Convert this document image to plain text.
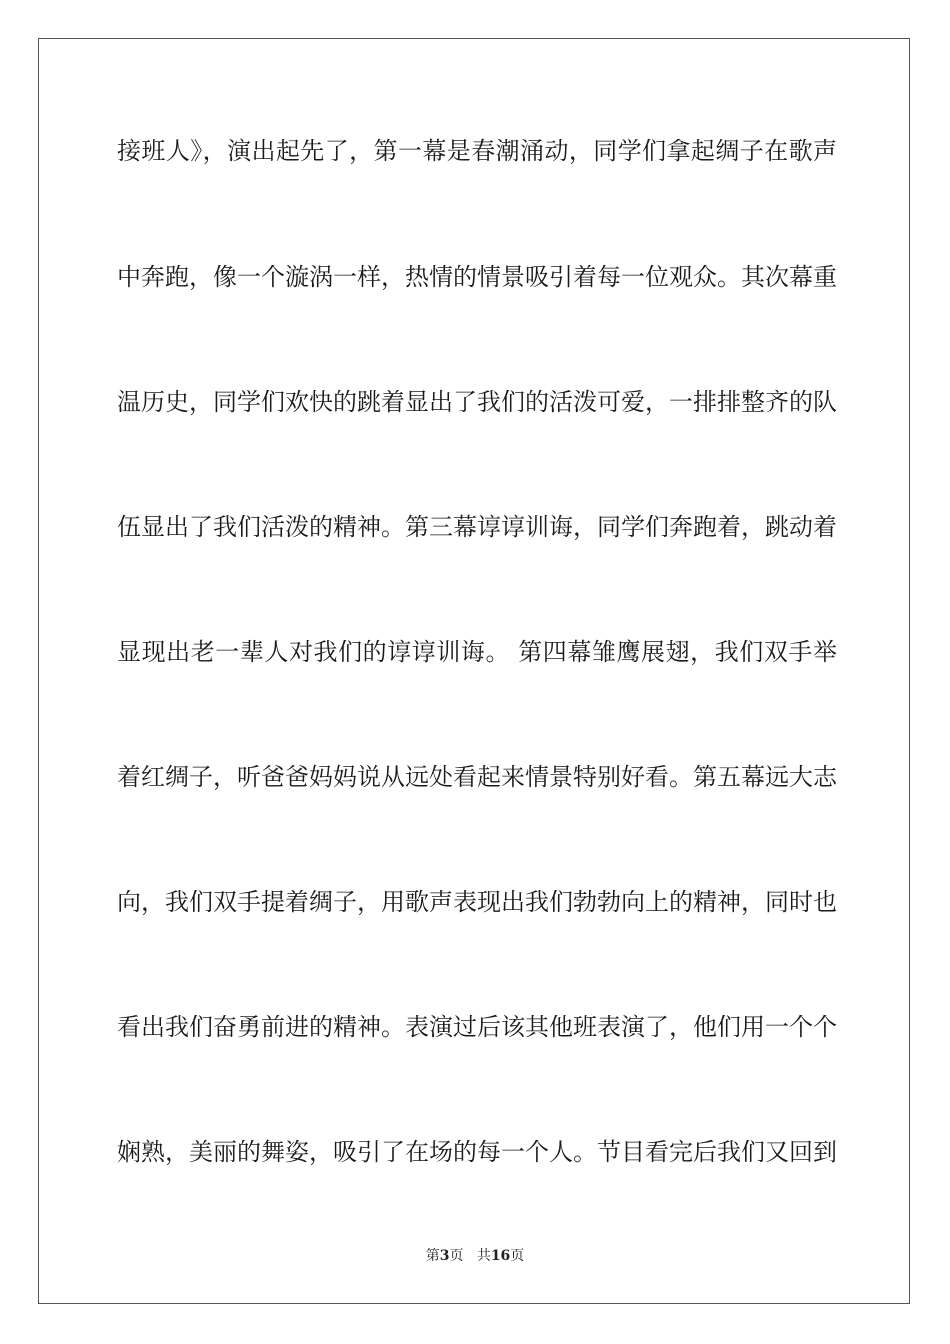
接班人》，演出起先了，第一幕是春潮涌动，同学们拿起绸子在歌声
中奔跑，像一个漩涡一样，热情的情景吸引着每一位观众。其次幕重
温历史，同学们欢快的跳着显出了我们的活泼可爱，一排排整齐的队
伍显出了我们活泼的精神。第三幕谆谆训诲，同学们奔跑着，跳动着
显现出老一辈人对我们的谆谆训诲。 第四幕雏鹰展翅，我们双手举
着红绸子，听爸爸妈妈说从远处看起来情景特别好看。第五幕远大志
向，我们双手提着绸子，用歌声表现出我们勃勃向上的精神，同时也
看出我们奋勇前进的精神。表演过后该其他班表演了，他们用一个个
娴熟，美丽的舞姿，吸引了在场的每一个人。节目看完后我们又回到
第3页 共16页
